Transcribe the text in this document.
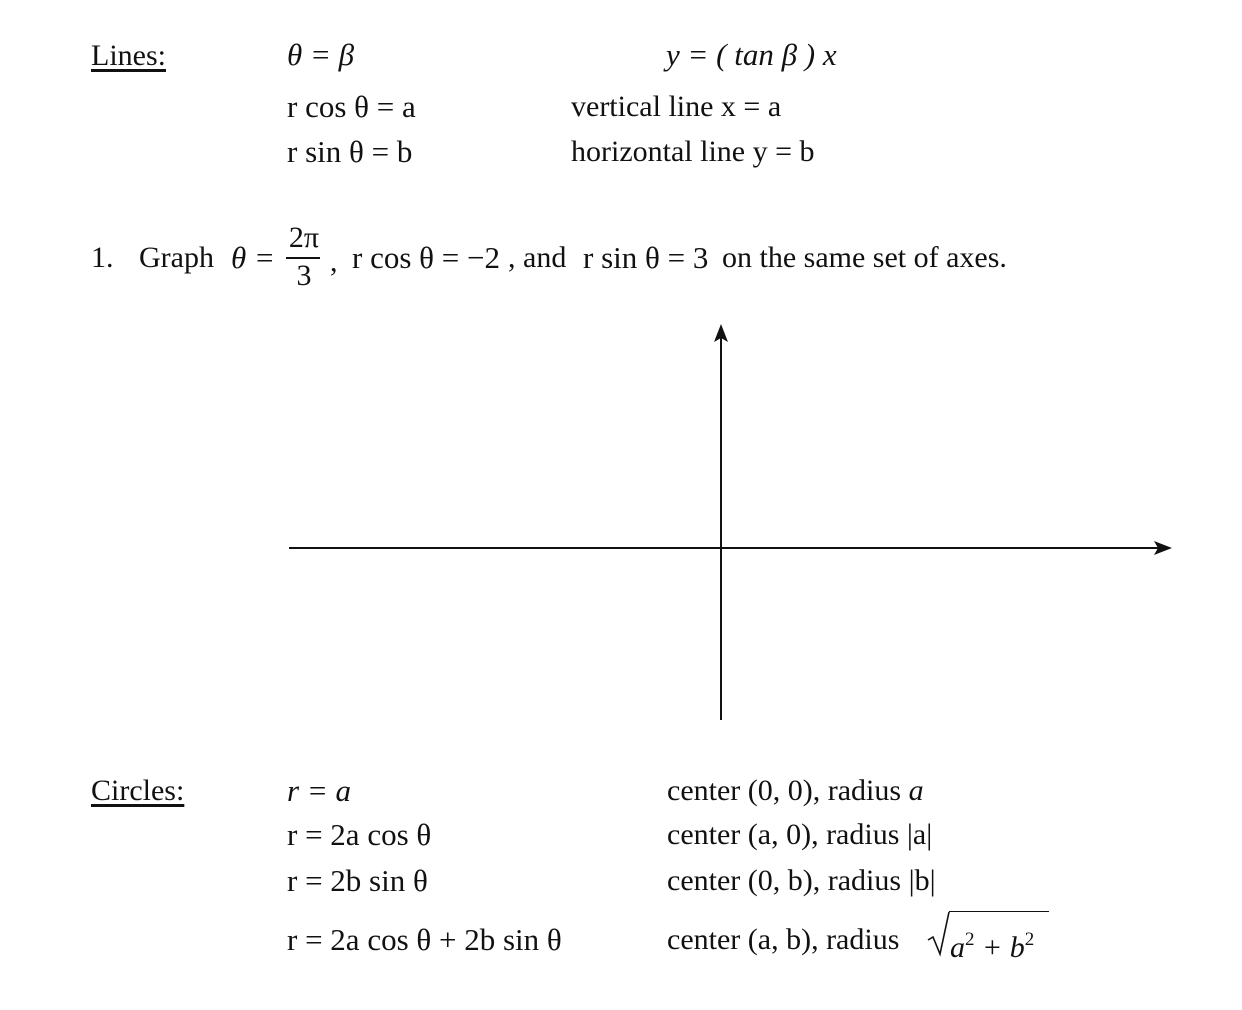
Lines:	θ = β	y = ( tan β ) x
r cos θ = a	vertical line x = a
r sin θ = b	horizontal line y = b
1. Graph θ =
2π
3 , r cos θ = −2 , and r sin θ = 3 on the same set of axes.
Circles:	r = a	center (0, 0), radius a
r = 2a cos θ	center (a, 0), radius |a|
r = 2b sin θ	center (0, b), radius |b|
r = 2a cos θ + 2b sin θ	center (a, b), radius $a^2 + b^2$
